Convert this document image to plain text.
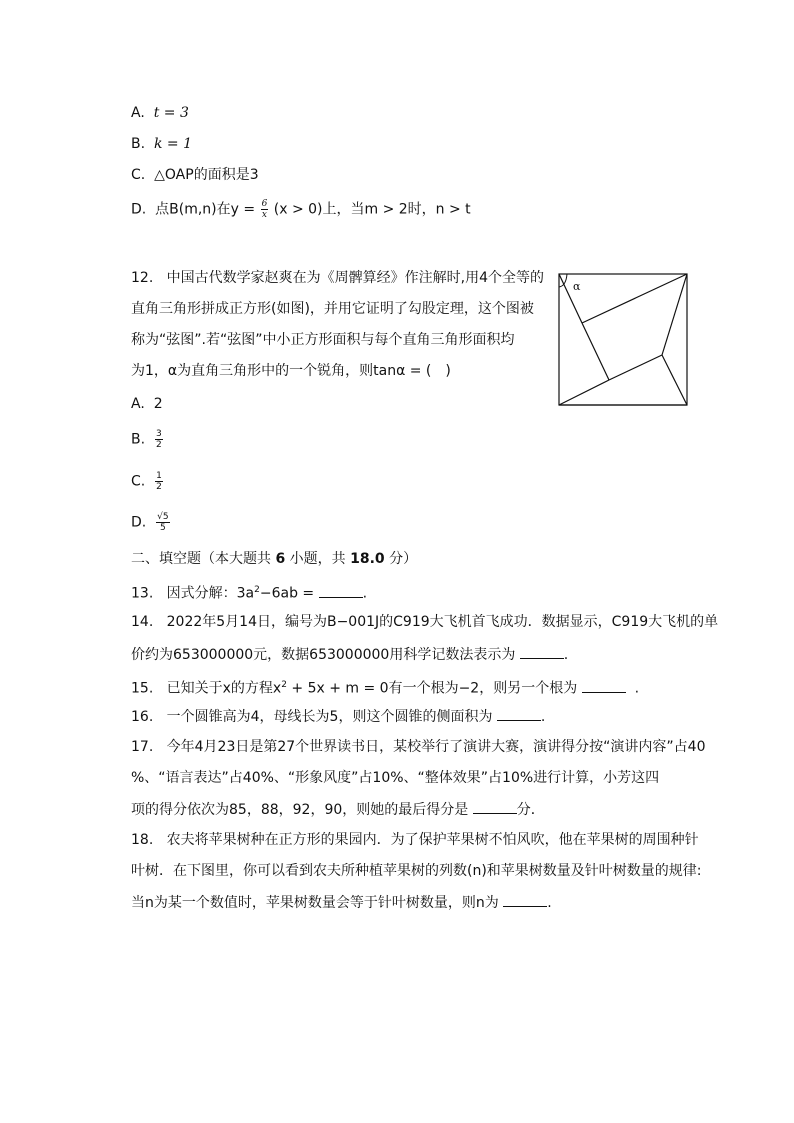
A. t = 3
B. k = 1
C. △OAP的面积是3
D. 点B(m,n)在$y = \frac{6}{x} (x > 0)$上，当m > 2时，n > t
12. 中国古代数学家赵爽在为《周髀算经》作注解时,用4个全等的
直角三角形拼成正方形(如图)，并用它证明了勾股定理，这个图被
称为“弦图”.若“弦图”中小正方形面积与每个直角三角形面积均
为1，α为直角三角形中的一个锐角，则tanα = (　)
α
A. 2
B. $\frac{3}{2}$
C. $\frac{1}{2}$
D. $\frac{√5}{5}$
二、填空题（本大题共 6 小题，共 18.0 分）
13. 因式分解：$3a^2-6ab$ =	.
14. 2022年5月14日，编号为B−001J的C919大飞机首飞成功．数据显示，C919大飞机的单
价约为653000000元，数据653000000用科学记数法表示为	.
15. 已知关于x的方程$x^2 + 5x + m = 0$有一个根为−2，则另一个根为	.
16. 一个圆锥高为4，母线长为5，则这个圆锥的侧面积为	.
17. 今年4月23日是第27个世界读书日，某校举行了演讲大赛，演讲得分按“演讲内容”占40
%、“语言表达”占40%、“形象风度”占10%、“整体效果”占10%进行计算，小芳这四
项的得分依次为85，88，92，90，则她的最后得分是	分．
18. 农夫将苹果树种在正方形的果园内．为了保护苹果树不怕风吹，他在苹果树的周围种针
叶树．在下图里，你可以看到农夫所种植苹果树的列数(n)和苹果树数量及针叶树数量的规律:
当n为某一个数值时，苹果树数量会等于针叶树数量，则n为	.
